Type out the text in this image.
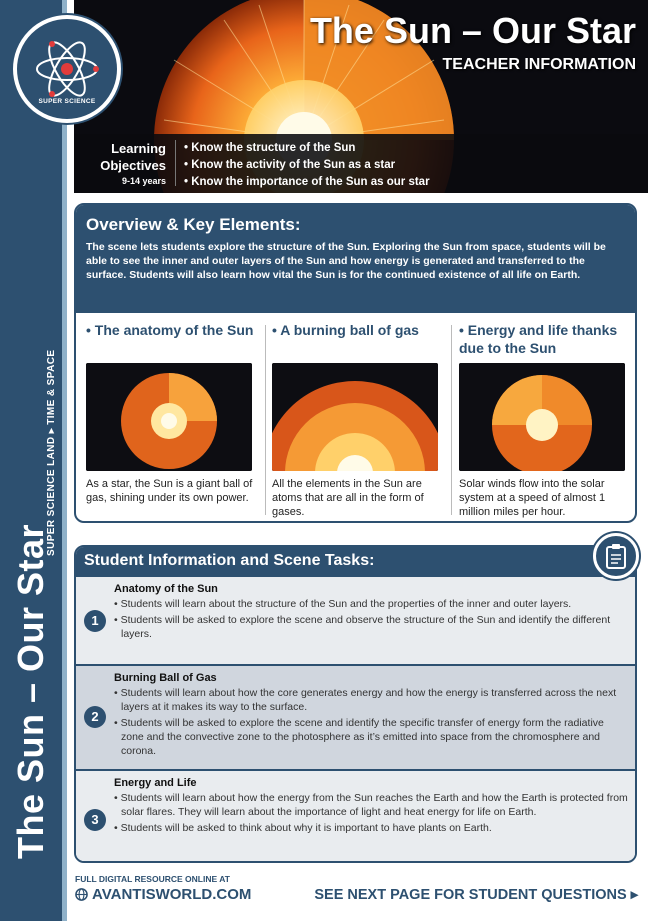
The Sun – Our Star
SUPER SCIENCE LAND ▸ TIME & SPACE
The Sun – Our Star
TEACHER INFORMATION
Learning
Objectives
9-14 years
• Know the structure of the Sun
• Know the activity of the Sun as a star
• Know the importance of the Sun as our star
SUPER SCIENCE
Overview & Key Elements:
The scene lets students explore the structure of the Sun. Exploring the Sun from space, students will be able to see the inner and outer layers of the Sun and how energy is generated and transferred to the surface. Students will also learn how vital the Sun is for the continued existence of all life on Earth.
• The anatomy of the Sun
As a star, the Sun is a giant ball of gas, shining under its own power.
• A burning ball of gas
All the elements in the Sun are atoms that are all in the form of gases.
• Energy and life thanks due to the Sun
Solar winds flow into the solar system at a speed of almost 1 million miles per hour.
Student Information and Scene Tasks:
1
Anatomy of the Sun
• Students will learn about the structure of the Sun and the properties of the inner and outer layers.
• Students will be asked to explore the scene and observe the structure of the Sun and identify the different layers.
2
Burning Ball of Gas
• Students will learn about how the core generates energy and how the energy is transferred across the next layers at it makes its way to the surface.
• Students will be asked to explore the scene and identify the specific transfer of energy form the radiative zone and the convective zone to the photosphere as it’s emitted into space from the chromosphere and corona.
3
Energy and Life
• Students will learn about how the energy from the Sun reaches the Earth and how the Earth is protected from solar flares. They will learn about the importance of light and heat energy for life on Earth.
• Students will be asked to think about why it is important to have plants on Earth.
FULL DIGITAL RESOURCE ONLINE AT
AVANTISWORLD.COM	SEE NEXT PAGE FOR STUDENT QUESTIONS ▸
